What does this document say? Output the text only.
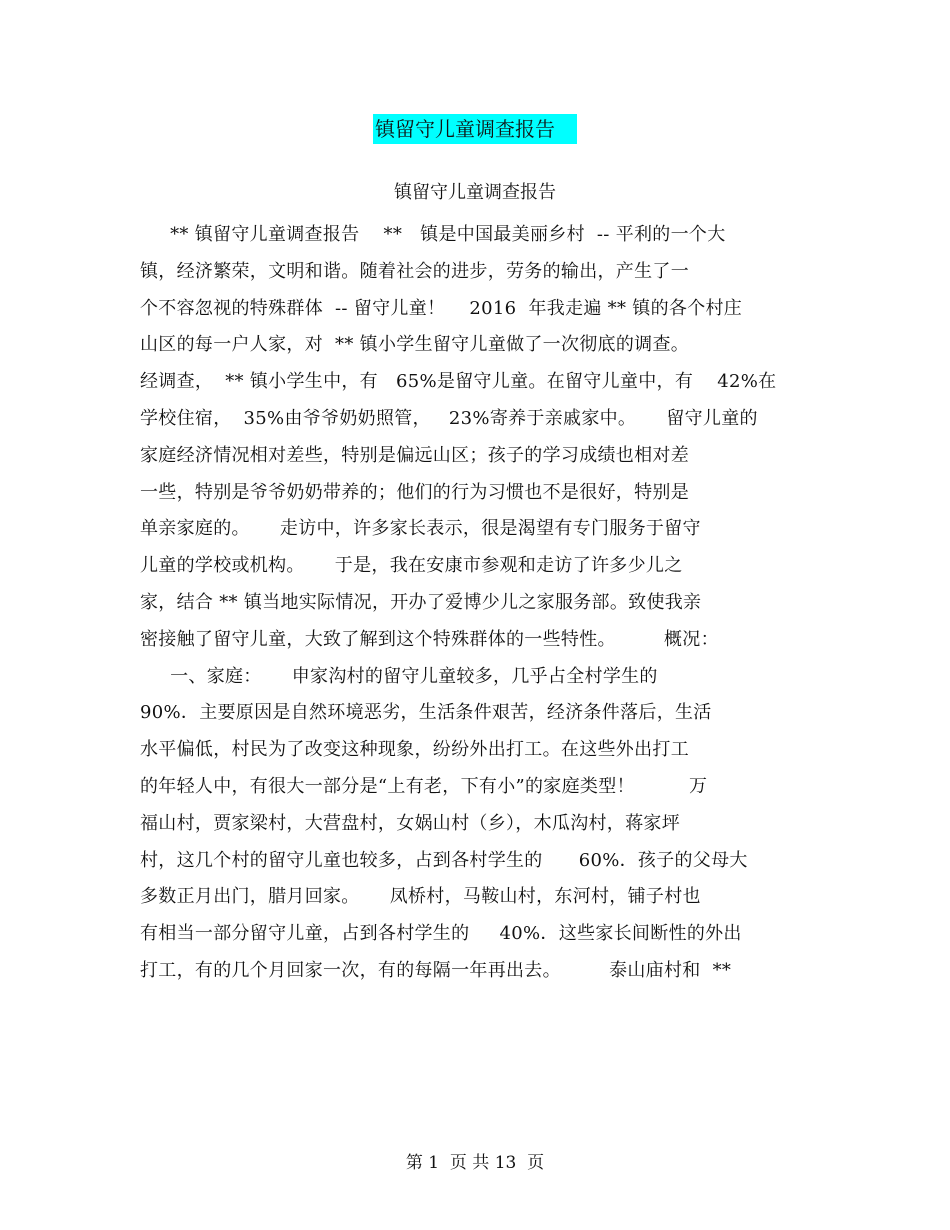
镇留守儿童调查报告
镇留守儿童调查报告
** 镇留守儿童调查报告    **   镇是中国最美丽乡村  -- 平利的一个大
镇，经济繁荣，文明和谐。随着社会的进步，劳务的输出，产生了一
个不容忽视的特殊群体  -- 留守儿童！    2016  年我走遍 ** 镇的各个村庄
山区的每一户人家，对  ** 镇小学生留守儿童做了一次彻底的调查。
经调查，  ** 镇小学生中，有   65%是留守儿童。在留守儿童中，有    42%在
学校住宿，  35%由爷爷奶奶照管，   23%寄养于亲戚家中。     留守儿童的
家庭经济情况相对差些，特别是偏远山区；孩子的学习成绩也相对差
一些，特别是爷爷奶奶带养的；他们的行为习惯也不是很好，特别是
单亲家庭的。     走访中，许多家长表示，很是渴望有专门服务于留守
儿童的学校或机构。     于是，我在安康市参观和走访了许多少儿之
家，结合 ** 镇当地实际情况，开办了爱博少儿之家服务部。致使我亲
密接触了留守儿童，大致了解到这个特殊群体的一些特性。        概况：
一、家庭：     申家沟村的留守儿童较多，几乎占全村学生的
90%．主要原因是自然环境恶劣，生活条件艰苦，经济条件落后，生活
水平偏低，村民为了改变这种现象，纷纷外出打工。在这些外出打工
的年轻人中，有很大一部分是“上有老，下有小”的家庭类型！         万
福山村，贾家梁村，大营盘村，女娲山村（乡），木瓜沟村，蒋家坪
村，这几个村的留守儿童也较多，占到各村学生的      60%．孩子的父母大
多数正月出门，腊月回家。     凤桥村，马鞍山村，东河村，铺子村也
有相当一部分留守儿童，占到各村学生的     40%．这些家长间断性的外出
打工，有的几个月回家一次，有的每隔一年再出去。        泰山庙村和  **
第 1  页 共 13  页
